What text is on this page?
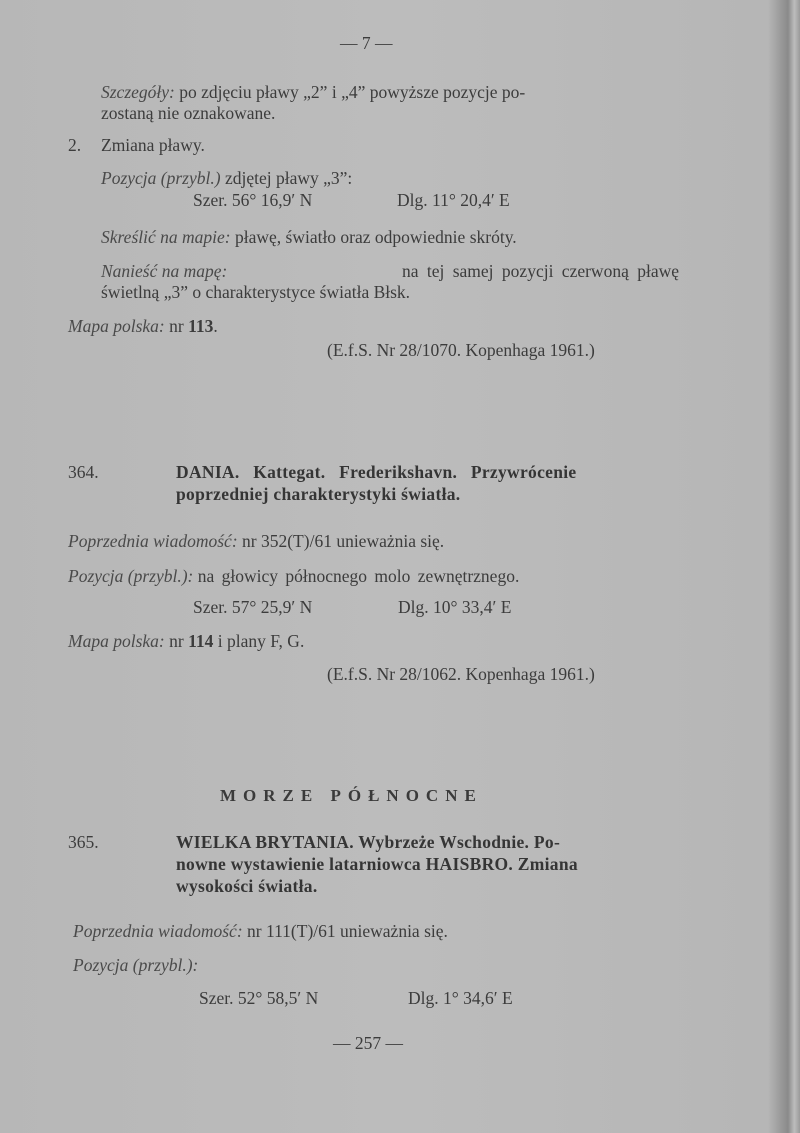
— 7 —
Szczegóły: po zdjęciu pławy „2” i „4” powyższe pozycje po-
zostaną nie oznakowane.
2. Zmiana pławy.
Pozycja (przybl.) zdjętej pławy „3”:
Szer. 56° 16,9′ N	Dlg. 11° 20,4′ E
Skreślić na mapie: pławę, światło oraz odpowiednie skróty.
Nanieść na mapę:	na tej samej pozycji czerwoną pławę
świetlną „3” o charakterystyce światła Błsk.
Mapa polska: nr 113.
(E.f.S. Nr 28/1070. Kopenhaga 1961.)
364.	DANIA. Kattegat. Frederikshavn. Przywrócenie
poprzedniej charakterystyki światła.
Poprzednia wiadomość: nr 352(T)/61 unieważnia się.
Pozycja (przybl.): na głowicy północnego molo zewnętrznego.
Szer. 57° 25,9′ N	Dlg. 10° 33,4′ E
Mapa polska: nr 114 i plany F, G.
(E.f.S. Nr 28/1062. Kopenhaga 1961.)
MORZE PÓŁNOCNE
365.	WIELKA BRYTANIA. Wybrzeże Wschodnie. Po-
nowne wystawienie latarniowca HAISBRO. Zmiana
wysokości światła.
Poprzednia wiadomość: nr 111(T)/61 unieważnia się.
Pozycja (przybl.):
Szer. 52° 58,5′ N	Dlg. 1° 34,6′ E
— 257 —
